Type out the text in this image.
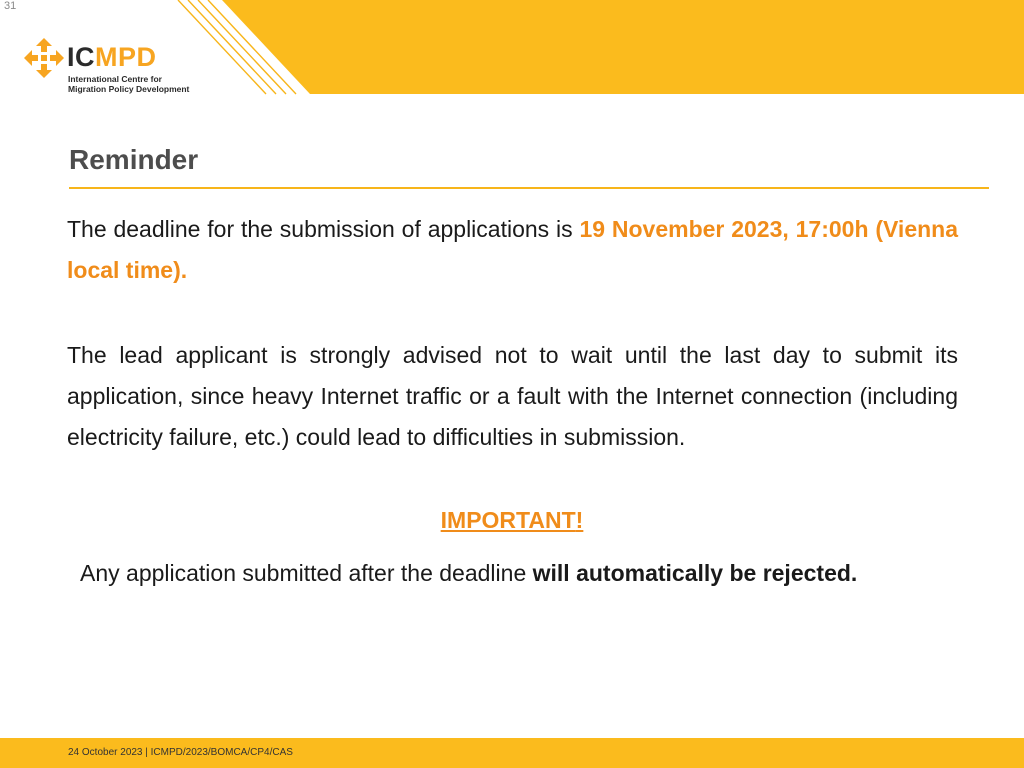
31
ICMPD
International Centre for
Migration Policy Development
Reminder
The deadline for the submission of applications is 19 November 2023, 17:00h (Vienna local time).
The lead applicant is strongly advised not to wait until the last day to submit its application, since heavy Internet traffic or a fault with the Internet connection (including electricity failure, etc.) could lead to difficulties in submission.
IMPORTANT!
Any application submitted after the deadline will automatically be rejected.
24 October 2023 | ICMPD/2023/BOMCA/CP4/CAS
